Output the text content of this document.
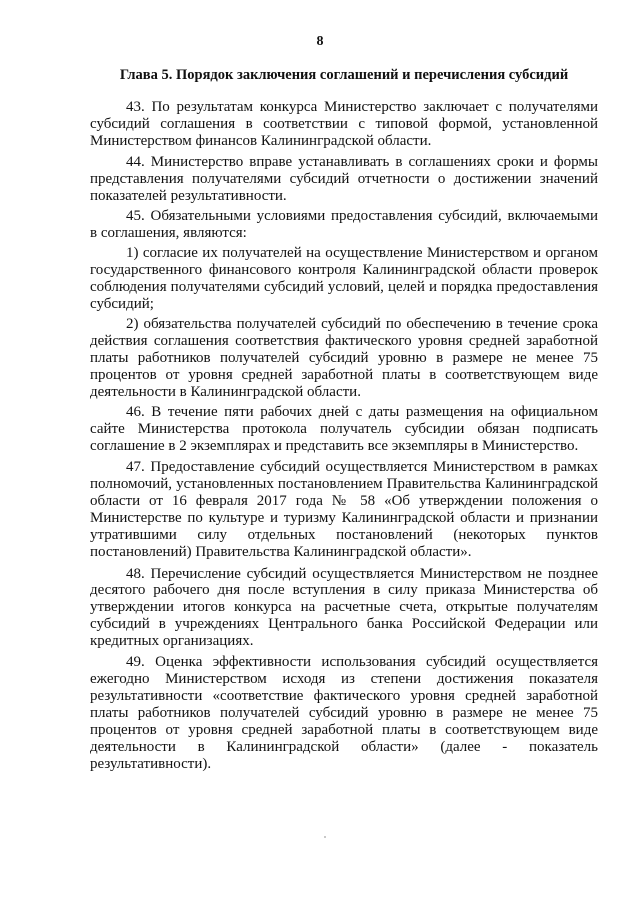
8
Глава 5. Порядок заключения соглашений и перечисления субсидий

43. По результатам конкурса Министерство заключает с получателями субсидий соглашения в соответствии с типовой формой, установленной Министерством финансов Калининградской области.

44. Министерство вправе устанавливать в соглашениях сроки и формы представления получателями субсидий отчетности о достижении значений показателей результативности.

45. Обязательными условиями предоставления субсидий, включаемыми в соглашения, являются:

1) согласие их получателей на осуществление Министерством и органом государственного финансового контроля Калининградской области проверок соблюдения получателями субсидий условий, целей и порядка предоставления субсидий;

2) обязательства получателей субсидий по обеспечению в течение срока действия соглашения соответствия фактического уровня средней заработной платы работников получателей субсидий уровню в размере не менее 75 процентов от уровня средней заработной платы в соответствующем виде деятельности в Калининградской области.

46. В течение пяти рабочих дней с даты размещения на официальном сайте Министерства протокола получатель субсидии обязан подписать соглашение в 2 экземплярах и представить все экземпляры в Министерство.

47. Предоставление субсидий осуществляется Министерством в рамках полномочий, установленных постановлением Правительства Калининградской области от 16 февраля 2017 года № 58 «Об утверждении положения о Министерстве по культуре и туризму Калининградской области и признании утратившими силу отдельных постановлений (некоторых пунктов постановлений) Правительства Калининградской области».

48. Перечисление субсидий осуществляется Министерством не позднее десятого рабочего дня после вступления в силу приказа Министерства об утверждении итогов конкурса на расчетные счета, открытые получателям субсидий в учреждениях Центрального банка Российской Федерации или кредитных организациях.

49. Оценка эффективности использования субсидий осуществляется ежегодно Министерством исходя из степени достижения показателя результативности «соответствие фактического уровня средней заработной платы работников получателей субсидий уровню в размере не менее 75 процентов от уровня средней заработной платы в соответствующем виде деятельности в Калининградской области» (далее - показатель результативности).
